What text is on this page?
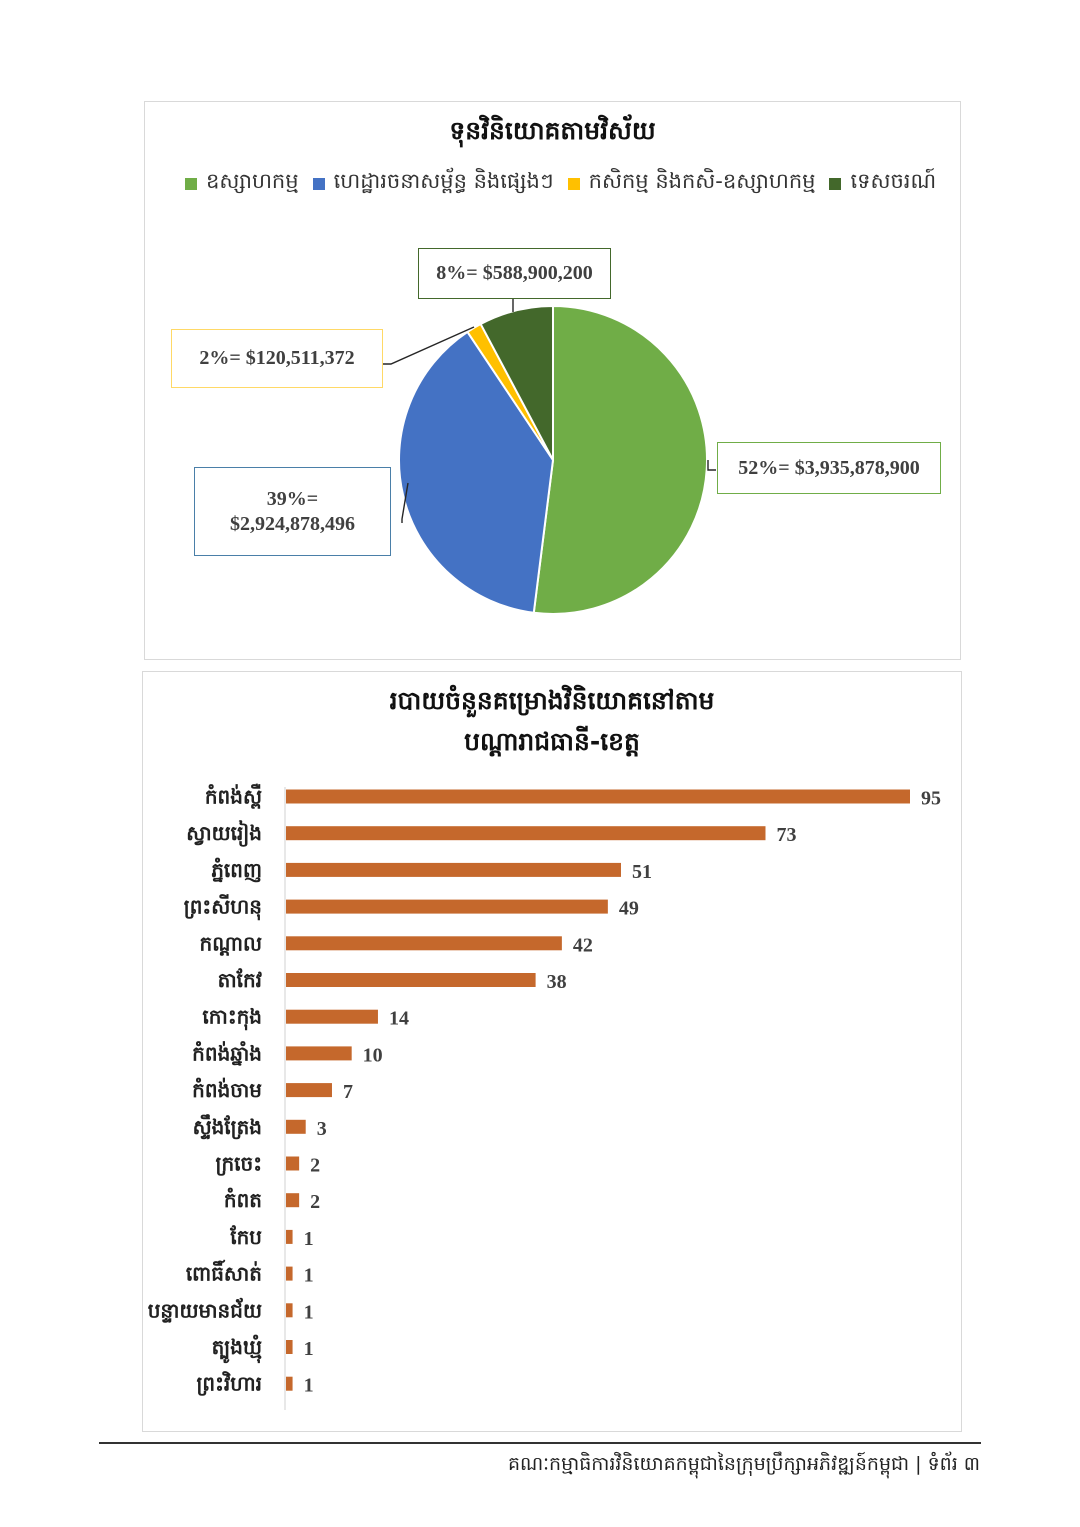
ទុនវិនិយោគតាមវិស័យ
ឧស្សាហកម្ម ហេដ្ឋារចនាសម្ព័ន្ធ និងផ្សេងៗ កសិកម្ម និងកសិ-ឧស្សាហកម្ម ទេសចរណ៍
52%= $3,935,878,900
39%=
$2,924,878,496
2%= $120,511,372
8%= $588,900,200
របាយចំនួនគម្រោងវិនិយោគនៅតាម
បណ្តារាជធានី-ខេត្ត
កំពង់ស្ពឺ	95
ស្វាយរៀង	73
ភ្នំពេញ	51
ព្រះសីហនុ	49
កណ្តាល	42
តាកែវ	38
កោះកុង	14
កំពង់ឆ្នាំង	10
កំពង់ចាម	7
ស្ទឹងត្រែង	3
ក្រចេះ 2
កំពត 2
កែប 1
ពោធិ៍សាត់ 1
បន្ទាយមានជ័យ 1
ត្បូងឃ្មុំ 1
ព្រះវិហារ 1
គណៈកម្មាធិការវិនិយោគកម្ពុជានៃក្រុមប្រឹក្សាអភិវឌ្ឍន៍កម្ពុជា | ទំព័រ ៣
